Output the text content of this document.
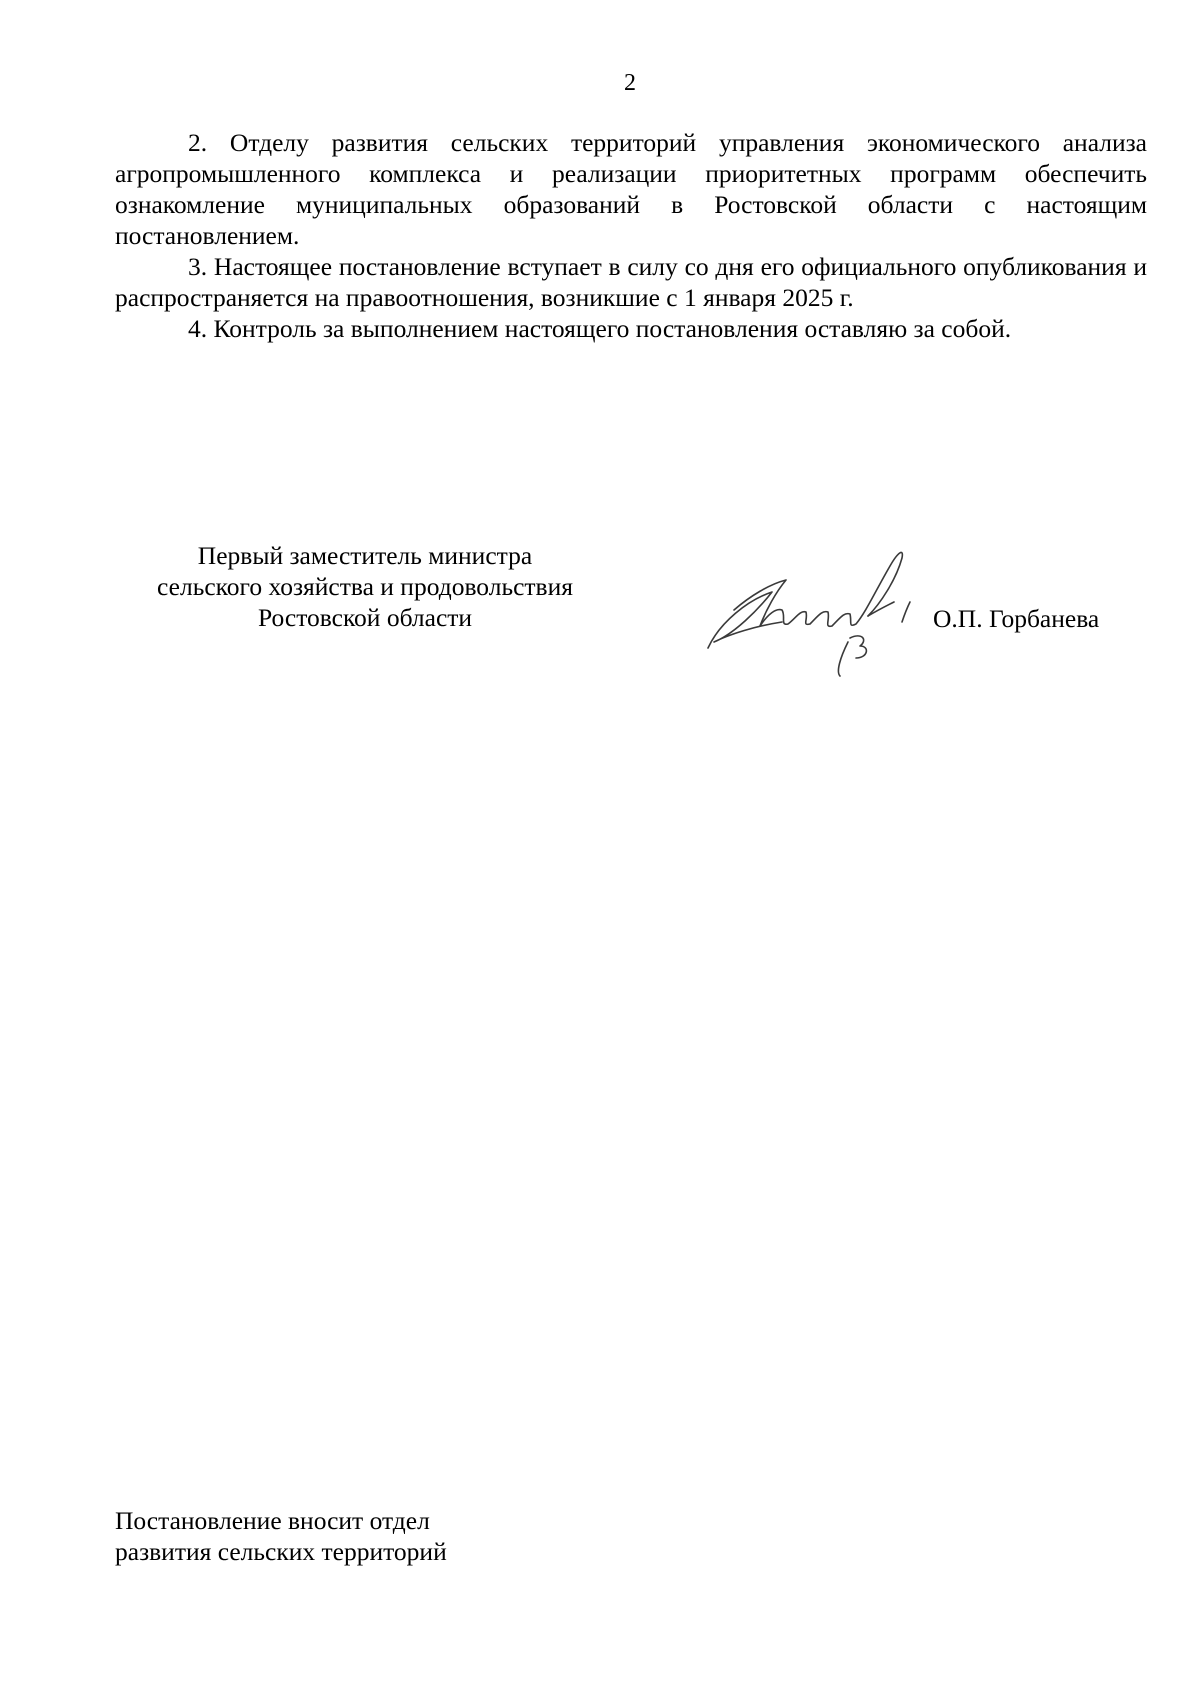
2

2. Отделу развития сельских территорий управления экономического анализа агропромышленного комплекса и реализации приоритетных программ обеспечить ознакомление муниципальных образований в Ростовской области с настоящим постановлением.

3. Настоящее постановление вступает в силу со дня его официального опубликования и распространяется на правоотношения, возникшие с 1 января 2025 г.

4. Контроль за выполнением настоящего постановления оставляю за собой.

Первый заместитель министра
сельского хозяйства и продовольствия
Ростовской области	О.П. Горбанева
Постановление вносит отдел
развития сельских территорий
